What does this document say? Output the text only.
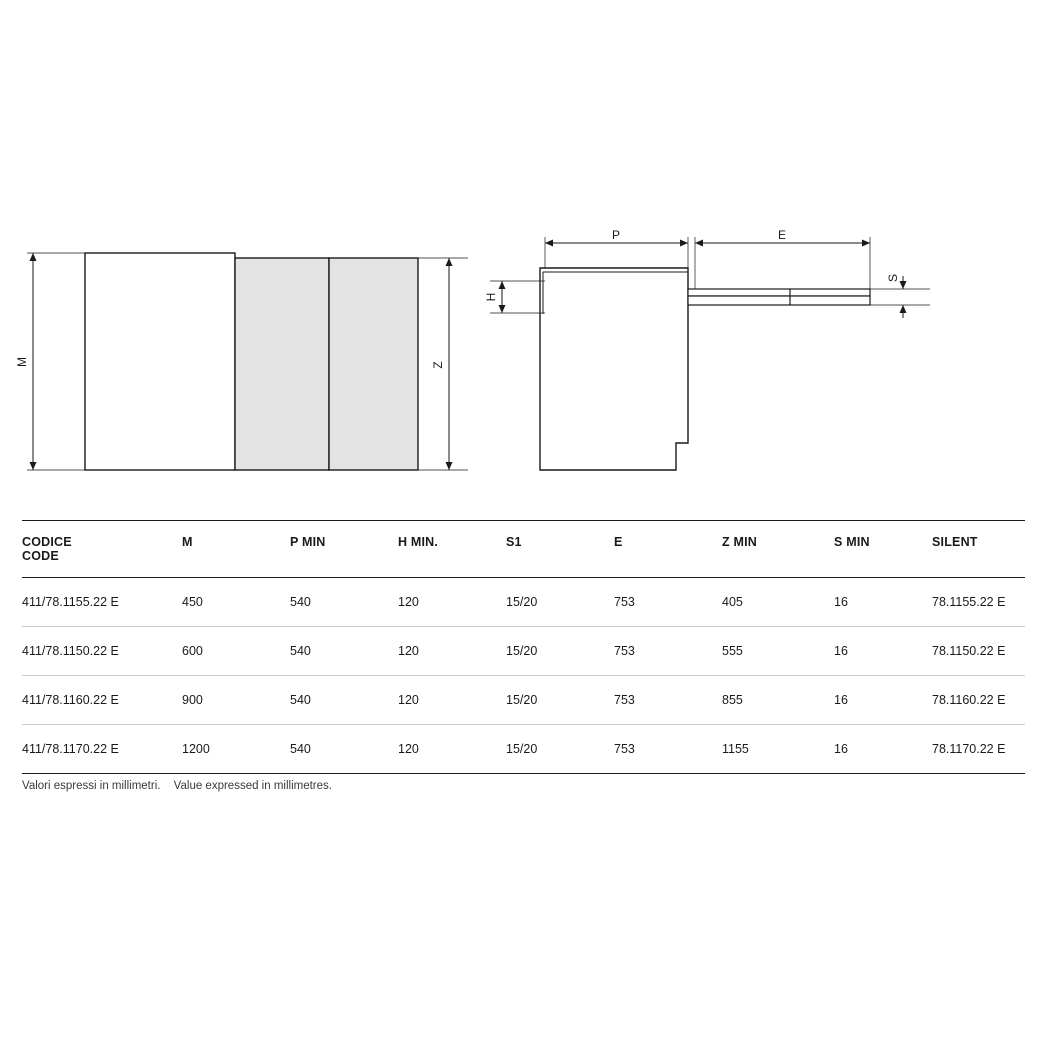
M	Z
P	E
H
S
CODICE
CODE	M	P MIN	H MIN.	S1	E	Z MIN	S MIN	SILENT
411/78.1155.22 E	450	540	120	15/20	753	405	16	78.1155.22 E
411/78.1150.22 E	600	540	120	15/20	753	555	16	78.1150.22 E
411/78.1160.22 E	900	540	120	15/20	753	855	16	78.1160.22 E
411/78.1170.22 E	1200	540	120	15/20	753	1155	16	78.1170.22 E
Valori espressi in millimetri. Value expressed in millimetres.
